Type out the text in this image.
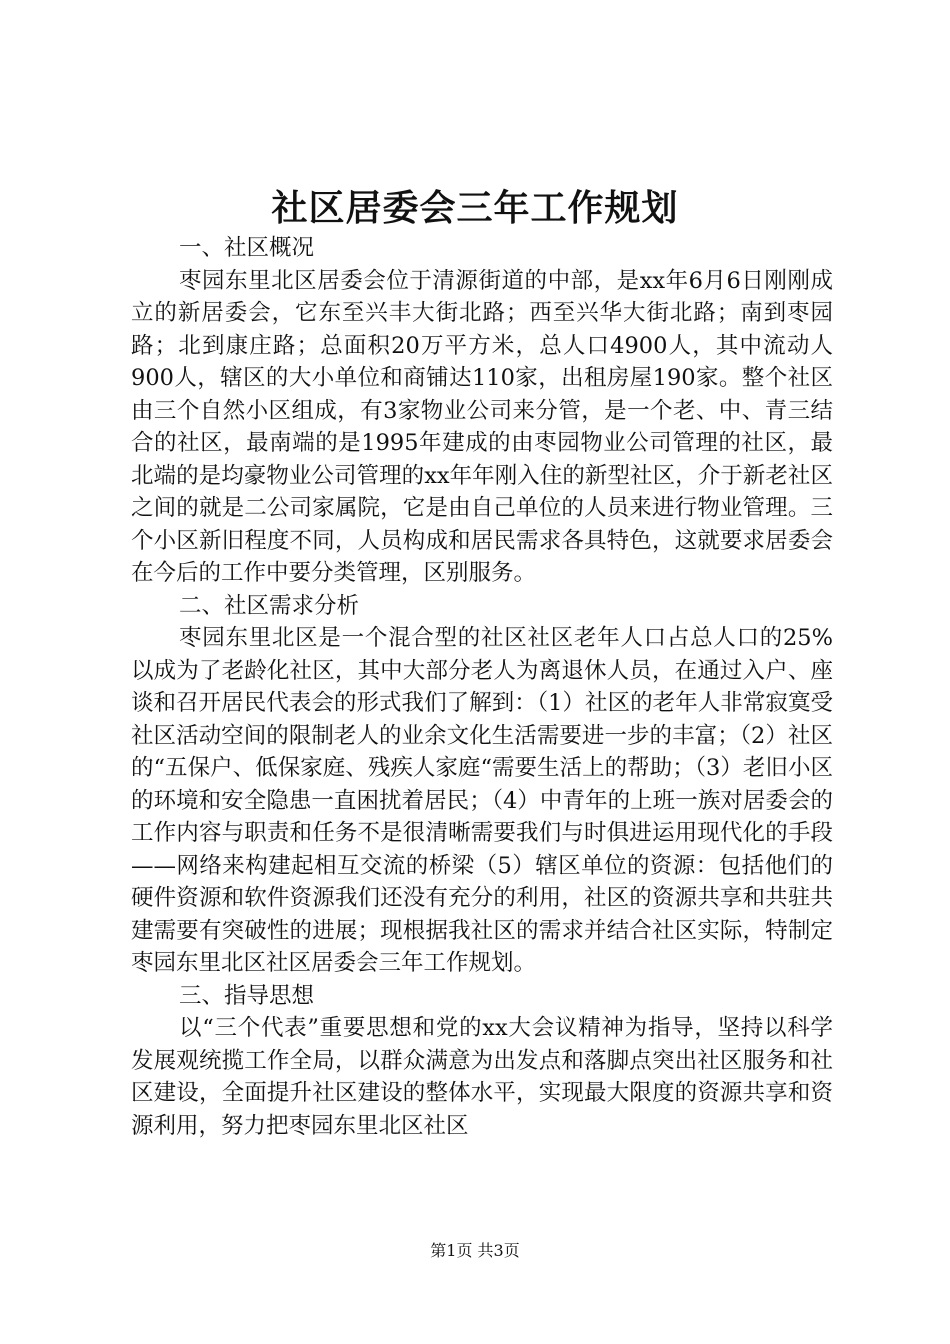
社区居委会三年工作规划

一、社区概况

枣园东里北区居委会位于清源街道的中部，是xx年6月6日刚刚成立的新居委会，它东至兴丰大街北路；西至兴华大街北路；南到枣园路；北到康庄路；总面积20万平方米，总人口4900人，其中流动人900人，辖区的大小单位和商铺达110家，出租房屋190家。整个社区由三个自然小区组成，有3家物业公司来分管，是一个老、中、青三结合的社区，最南端的是1995年建成的由枣园物业公司管理的社区，最北端的是均豪物业公司管理的xx年年刚入住的新型社区，介于新老社区之间的就是二公司家属院，它是由自己单位的人员来进行物业管理。三个小区新旧程度不同，人员构成和居民需求各具特色，这就要求居委会在今后的工作中要分类管理，区别服务。

二、社区需求分析

枣园东里北区是一个混合型的社区社区老年人口占总人口的25%以成为了老龄化社区，其中大部分老人为离退休人员，在通过入户、座谈和召开居民代表会的形式我们了解到：（1）社区的老年人非常寂寞受社区活动空间的限制老人的业余文化生活需要进一步的丰富；（2）社区的“五保户、低保家庭、残疾人家庭“需要生活上的帮助；（3）老旧小区的环境和安全隐患一直困扰着居民；（4）中青年的上班一族对居委会的工作内容与职责和任务不是很清晰需要我们与时俱进运用现代化的手段——网络来构建起相互交流的桥梁（5）辖区单位的资源：包括他们的硬件资源和软件资源我们还没有充分的利用，社区的资源共享和共驻共建需要有突破性的进展；现根据我社区的需求并结合社区实际，特制定枣园东里北区社区居委会三年工作规划。

三、指导思想

以“三个代表”重要思想和党的xx大会议精神为指导，坚持以科学发展观统揽工作全局，以群众满意为出发点和落脚点突出社区服务和社区建设，全面提升社区建设的整体水平，实现最大限度的资源共享和资源利用，努力把枣园东里北区社区

第1页 共3页
